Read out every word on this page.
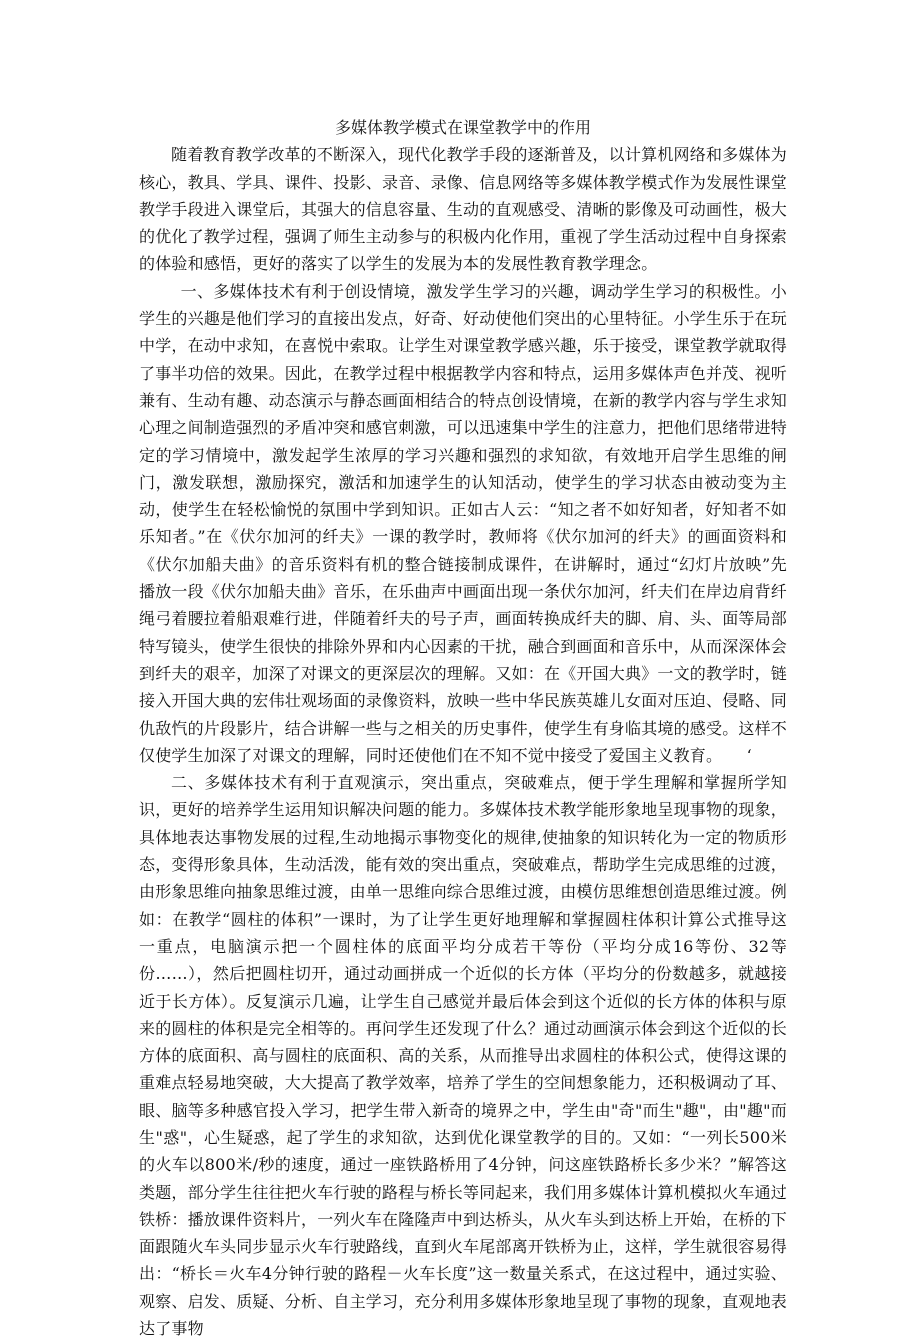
多媒体教学模式在课堂教学中的作用

随着教育教学改革的不断深入，现代化教学手段的逐渐普及，以计算机网络和多媒体为核心，教具、学具、课件、投影、录音、录像、信息网络等多媒体教学模式作为发展性课堂教学手段进入课堂后，其强大的信息容量、生动的直观感受、清晰的影像及可动画性，极大的优化了教学过程，强调了师生主动参与的积极内化作用，重视了学生活动过程中自身探索的体验和感悟，更好的落实了以学生的发展为本的发展性教育教学理念。

一、多媒体技术有利于创设情境，激发学生学习的兴趣，调动学生学习的积极性。小学生的兴趣是他们学习的直接出发点，好奇、好动使他们突出的心里特征。小学生乐于在玩中学，在动中求知，在喜悦中索取。让学生对课堂教学感兴趣，乐于接受，课堂教学就取得了事半功倍的效果。因此，在教学过程中根据教学内容和特点，运用多媒体声色并茂、视听兼有、生动有趣、动态演示与静态画面相结合的特点创设情境，在新的教学内容与学生求知心理之间制造强烈的矛盾冲突和感官刺激，可以迅速集中学生的注意力，把他们思绪带进特定的学习情境中，激发起学生浓厚的学习兴趣和强烈的求知欲，有效地开启学生思维的闸门，激发联想，激励探究，激活和加速学生的认知活动，使学生的学习状态由被动变为主动，使学生在轻松愉悦的氛围中学到知识。正如古人云：“知之者不如好知者，好知者不如乐知者。”在《伏尔加河的纤夫》一课的教学时，教师将《伏尔加河的纤夫》的画面资料和《伏尔加船夫曲》的音乐资料有机的整合链接制成课件，在讲解时，通过“幻灯片放映”先播放一段《伏尔加船夫曲》音乐，在乐曲声中画面出现一条伏尔加河，纤夫们在岸边肩背纤绳弓着腰拉着船艰难行进，伴随着纤夫的号子声，画面转换成纤夫的脚、肩、头、面等局部特写镜头，使学生很快的排除外界和内心因素的干扰，融合到画面和音乐中，从而深深体会到纤夫的艰辛，加深了对课文的更深层次的理解。又如：在《开国大典》一文的教学时，链接入开国大典的宏伟壮观场面的录像资料，放映一些中华民族英雄儿女面对压迫、侵略、同仇敌忾的片段影片，结合讲解一些与之相关的历史事件，使学生有身临其境的感受。这样不仅使学生加深了对课文的理解，同时还使他们在不知不觉中接受了爱国主义教育。　　‘

二、多媒体技术有利于直观演示，突出重点，突破难点，便于学生理解和掌握所学知识，更好的培养学生运用知识解决问题的能力。多媒体技术教学能形象地呈现事物的现象，具体地表达事物发展的过程,生动地揭示事物变化的规律,使抽象的知识转化为一定的物质形态，变得形象具体，生动活泼，能有效的突出重点，突破难点，帮助学生完成思维的过渡，由形象思维向抽象思维过渡，由单一思维向综合思维过渡，由模仿思维想创造思维过渡。例如：在教学“圆柱的体积”一课时，为了让学生更好地理解和掌握圆柱体积计算公式推导这一重点，电脑演示把一个圆柱体的底面平均分成若干等份（平均分成16等份、32等份……），然后把圆柱切开，通过动画拼成一个近似的长方体（平均分的份数越多，就越接近于长方体）。反复演示几遍，让学生自己感觉并最后体会到这个近似的长方体的体积与原来的圆柱的体积是完全相等的。再问学生还发现了什么？通过动画演示体会到这个近似的长方体的底面积、高与圆柱的底面积、高的关系，从而推导出求圆柱的体积公式，使得这课的重难点轻易地突破，大大提高了教学效率，培养了学生的空间想象能力，还积极调动了耳、眼、脑等多种感官投入学习，把学生带入新奇的境界之中，学生由"奇"而生"趣"，由"趣"而生"惑"，心生疑惑，起了学生的求知欲，达到优化课堂教学的目的。又如：“一列长500米的火车以800米/秒的速度，通过一座铁路桥用了4分钟，问这座铁路桥长多少米？”解答这类题，部分学生往往把火车行驶的路程与桥长等同起来，我们用多媒体计算机模拟火车通过铁桥：播放课件资料片，一列火车在隆隆声中到达桥头，从火车头到达桥上开始，在桥的下面跟随火车头同步显示火车行驶路线，直到火车尾部离开铁桥为止，这样，学生就很容易得出：“桥长＝火车4分钟行驶的路程－火车长度”这一数量关系式，在这过程中，通过实验、观察、启发、质疑、分析、自主学习，充分利用多媒体形象地呈现了事物的现象，直观地表达了事物
